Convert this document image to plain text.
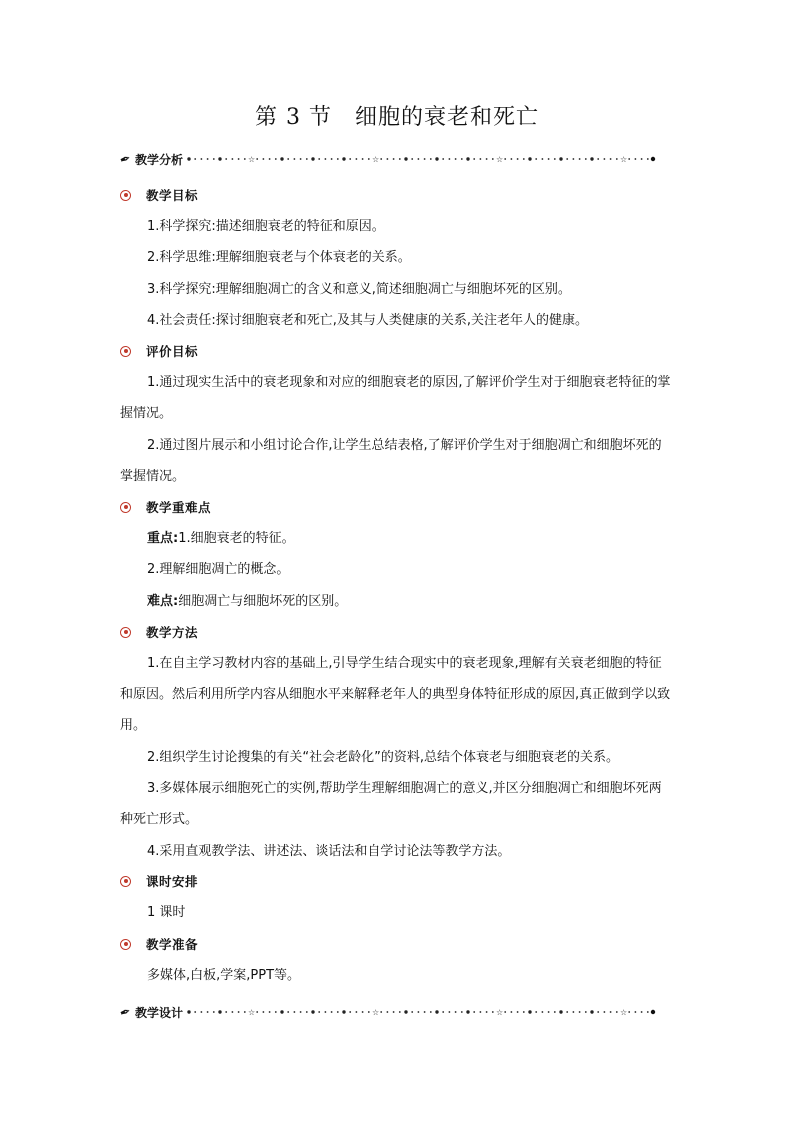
第 3 节　细胞的衰老和死亡
✒ 教学分析	☆	☆	☆	☆
教学目标
1.科学探究:描述细胞衰老的特征和原因。
2.科学思维:理解细胞衰老与个体衰老的关系。
3.科学探究:理解细胞凋亡的含义和意义,简述细胞凋亡与细胞坏死的区别。
4.社会责任:探讨细胞衰老和死亡,及其与人类健康的关系,关注老年人的健康。
评价目标
1.通过现实生活中的衰老现象和对应的细胞衰老的原因,了解评价学生对于细胞衰老特征的掌握情况。
2.通过图片展示和小组讨论合作,让学生总结表格,了解评价学生对于细胞凋亡和细胞坏死的掌握情况。
教学重难点
重点:1.细胞衰老的特征。
2.理解细胞凋亡的概念。
难点:细胞凋亡与细胞坏死的区别。
教学方法
1.在自主学习教材内容的基础上,引导学生结合现实中的衰老现象,理解有关衰老细胞的特征和原因。然后利用所学内容从细胞水平来解释老年人的典型身体特征形成的原因,真正做到学以致用。
2.组织学生讨论搜集的有关“社会老龄化”的资料,总结个体衰老与细胞衰老的关系。
3.多媒体展示细胞死亡的实例,帮助学生理解细胞凋亡的意义,并区分细胞凋亡和细胞坏死两种死亡形式。
4.采用直观教学法、讲述法、谈话法和自学讨论法等教学方法。
课时安排
1 课时
教学准备
多媒体,白板,学案,PPT等。
✒ 教学设计	☆	☆	☆	☆
